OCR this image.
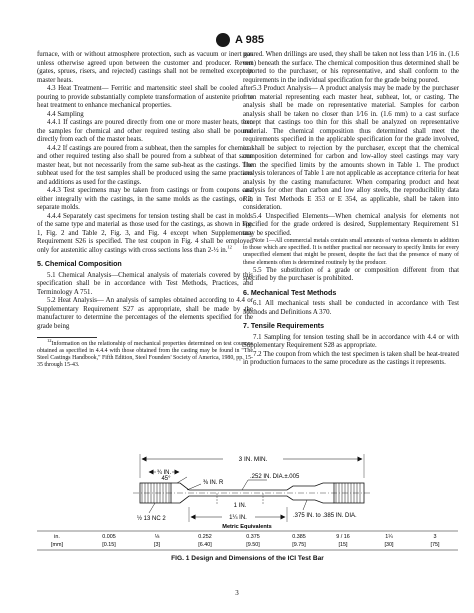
A 985

furnace, with or without atmosphere protection, such as vacuum or inert gas unless otherwise agreed upon between the customer and producer. Revert (gates, sprues, risers, and rejected) castings shall not be remelted except in master heats.

4.3 Heat Treatment— Ferritic and martensitic steel shall be cooled after pouring to provide substantially complete transformation of austenite prior to heat treatment to enhance mechanical properties.

4.4 Sampling

4.4.1 If castings are poured directly from one or more master heats, then the samples for chemical and other required testing also shall be poured directly from each of the master heats.

4.4.2 If castings are poured from a subheat, then the samples for chemical and other required testing also shall be poured from a subheat of that same master heat, but not necessarily from the same sub-heat as the castings. The subheat used for the test samples shall be produced using the same practices and additions as used for the castings.

4.4.3 Test specimens may be taken from castings or from coupons cast either integrally with the castings, in the same molds as the castings, or in separate molds.

4.4.4 Separately cast specimens for tension testing shall be cast in molds of the same type and material as those used for the castings, as shown in Fig. 1, Fig. 2 and Table 2, Fig. 3, and Fig. 4 except when Supplementary Requirement S26 is specified. The test coupon in Fig. 4 shall be employed only for austenitic alloy castings with cross sections less than 2-½ in.$^{12}$

5. Chemical Composition

5.1 Chemical Analysis—Chemical analysis of materials covered by this specification shall be in accordance with Test Methods, Practices, and Terminology A 751.

5.2 Heat Analysis— An analysis of samples obtained according to 4.4 or Supplementary Requirement S27 as appropriate, shall be made by the manufacturer to determine the percentages of the elements specified for the grade being

$^{12}$Information on the relationship of mechanical properties determined on test coupons obtained as specified in 4.4.4 with those obtained from the casting may be found in "The Steel Castings Handbook," Fifth Edition, Steel Founders' Society of America, 1980, pp. 15-35 through 15-43.

poured. When drillings are used, they shall be taken not less than 1⁄16 in. (1.6 mm) beneath the surface. The chemical composition thus determined shall be reported to the purchaser, or his representative, and shall conform to the requirements in the individual specification for the grade being poured.

5.3 Product Analysis— A product analysis may be made by the purchaser from material representing each master heat, subheat, lot, or casting. The analysis shall be made on representative material. Samples for carbon analysis shall be taken no closer than 1⁄16 in. (1.6 mm) to a cast surface except that castings too thin for this shall be analyzed on representative material. The chemical composition thus determined shall meet the requirements specified in the applicable specification for the grade involved, or shall be subject to rejection by the purchaser, except that the chemical composition determined for carbon and low-alloy steel castings may vary from the specified limits by the amounts shown in Table 1. The product analysis tolerances of Table 1 are not applicable as acceptance criteria for heat analysis by the casting manufacturer. When comparing product and heat analysis for other than carbon and low alloy steels, the reproducibility data R2, in Test Methods E 353 or E 354, as applicable, shall be taken into consideration.

5.4 Unspecified Elements—When chemical analysis for elements not specified for the grade ordered is desired, Supplementary Requirement S1 may be specified.

Note 1—All commercial metals contain small amounts of various elements in addition to those which are specified. It is neither practical nor necessary to specify limits for every unspecified element that might be present, despite the fact that the presence of many of these elements often is determined routinely by the producer.

5.5 The substitution of a grade or composition different from that specified by the purchaser is prohibited.

6. Mechanical Test Methods

6.1 All mechanical tests shall be conducted in accordance with Test Methods and Definitions A 370.

7. Tensile Requirements

7.1 Sampling for tension testing shall be in accordance with 4.4 or with Supplementary Requirement S28 as appropriate.

7.2 The coupon from which the test specimen is taken shall be heat-treated in production furnaces to the same procedure as the castings it represents.

3 IN. MIN.
¾ IN.
45°
⅜ IN. R
.252 IN. DIA.±.005
½ 13 NC 2	1¼ IN.
1 IN.
.375 IN. to .385 IN. DIA.
Metric Equivalents
in.	0.005	⅛	0.252	0.375	0.385	9 / 16	1¼	3
[mm]	[0.15]	[3]	[6.40]	[9.50]	[9.75]	[15]	[30]	[75]
FIG. 1 Design and Dimensions of the ICI Test Bar
3
